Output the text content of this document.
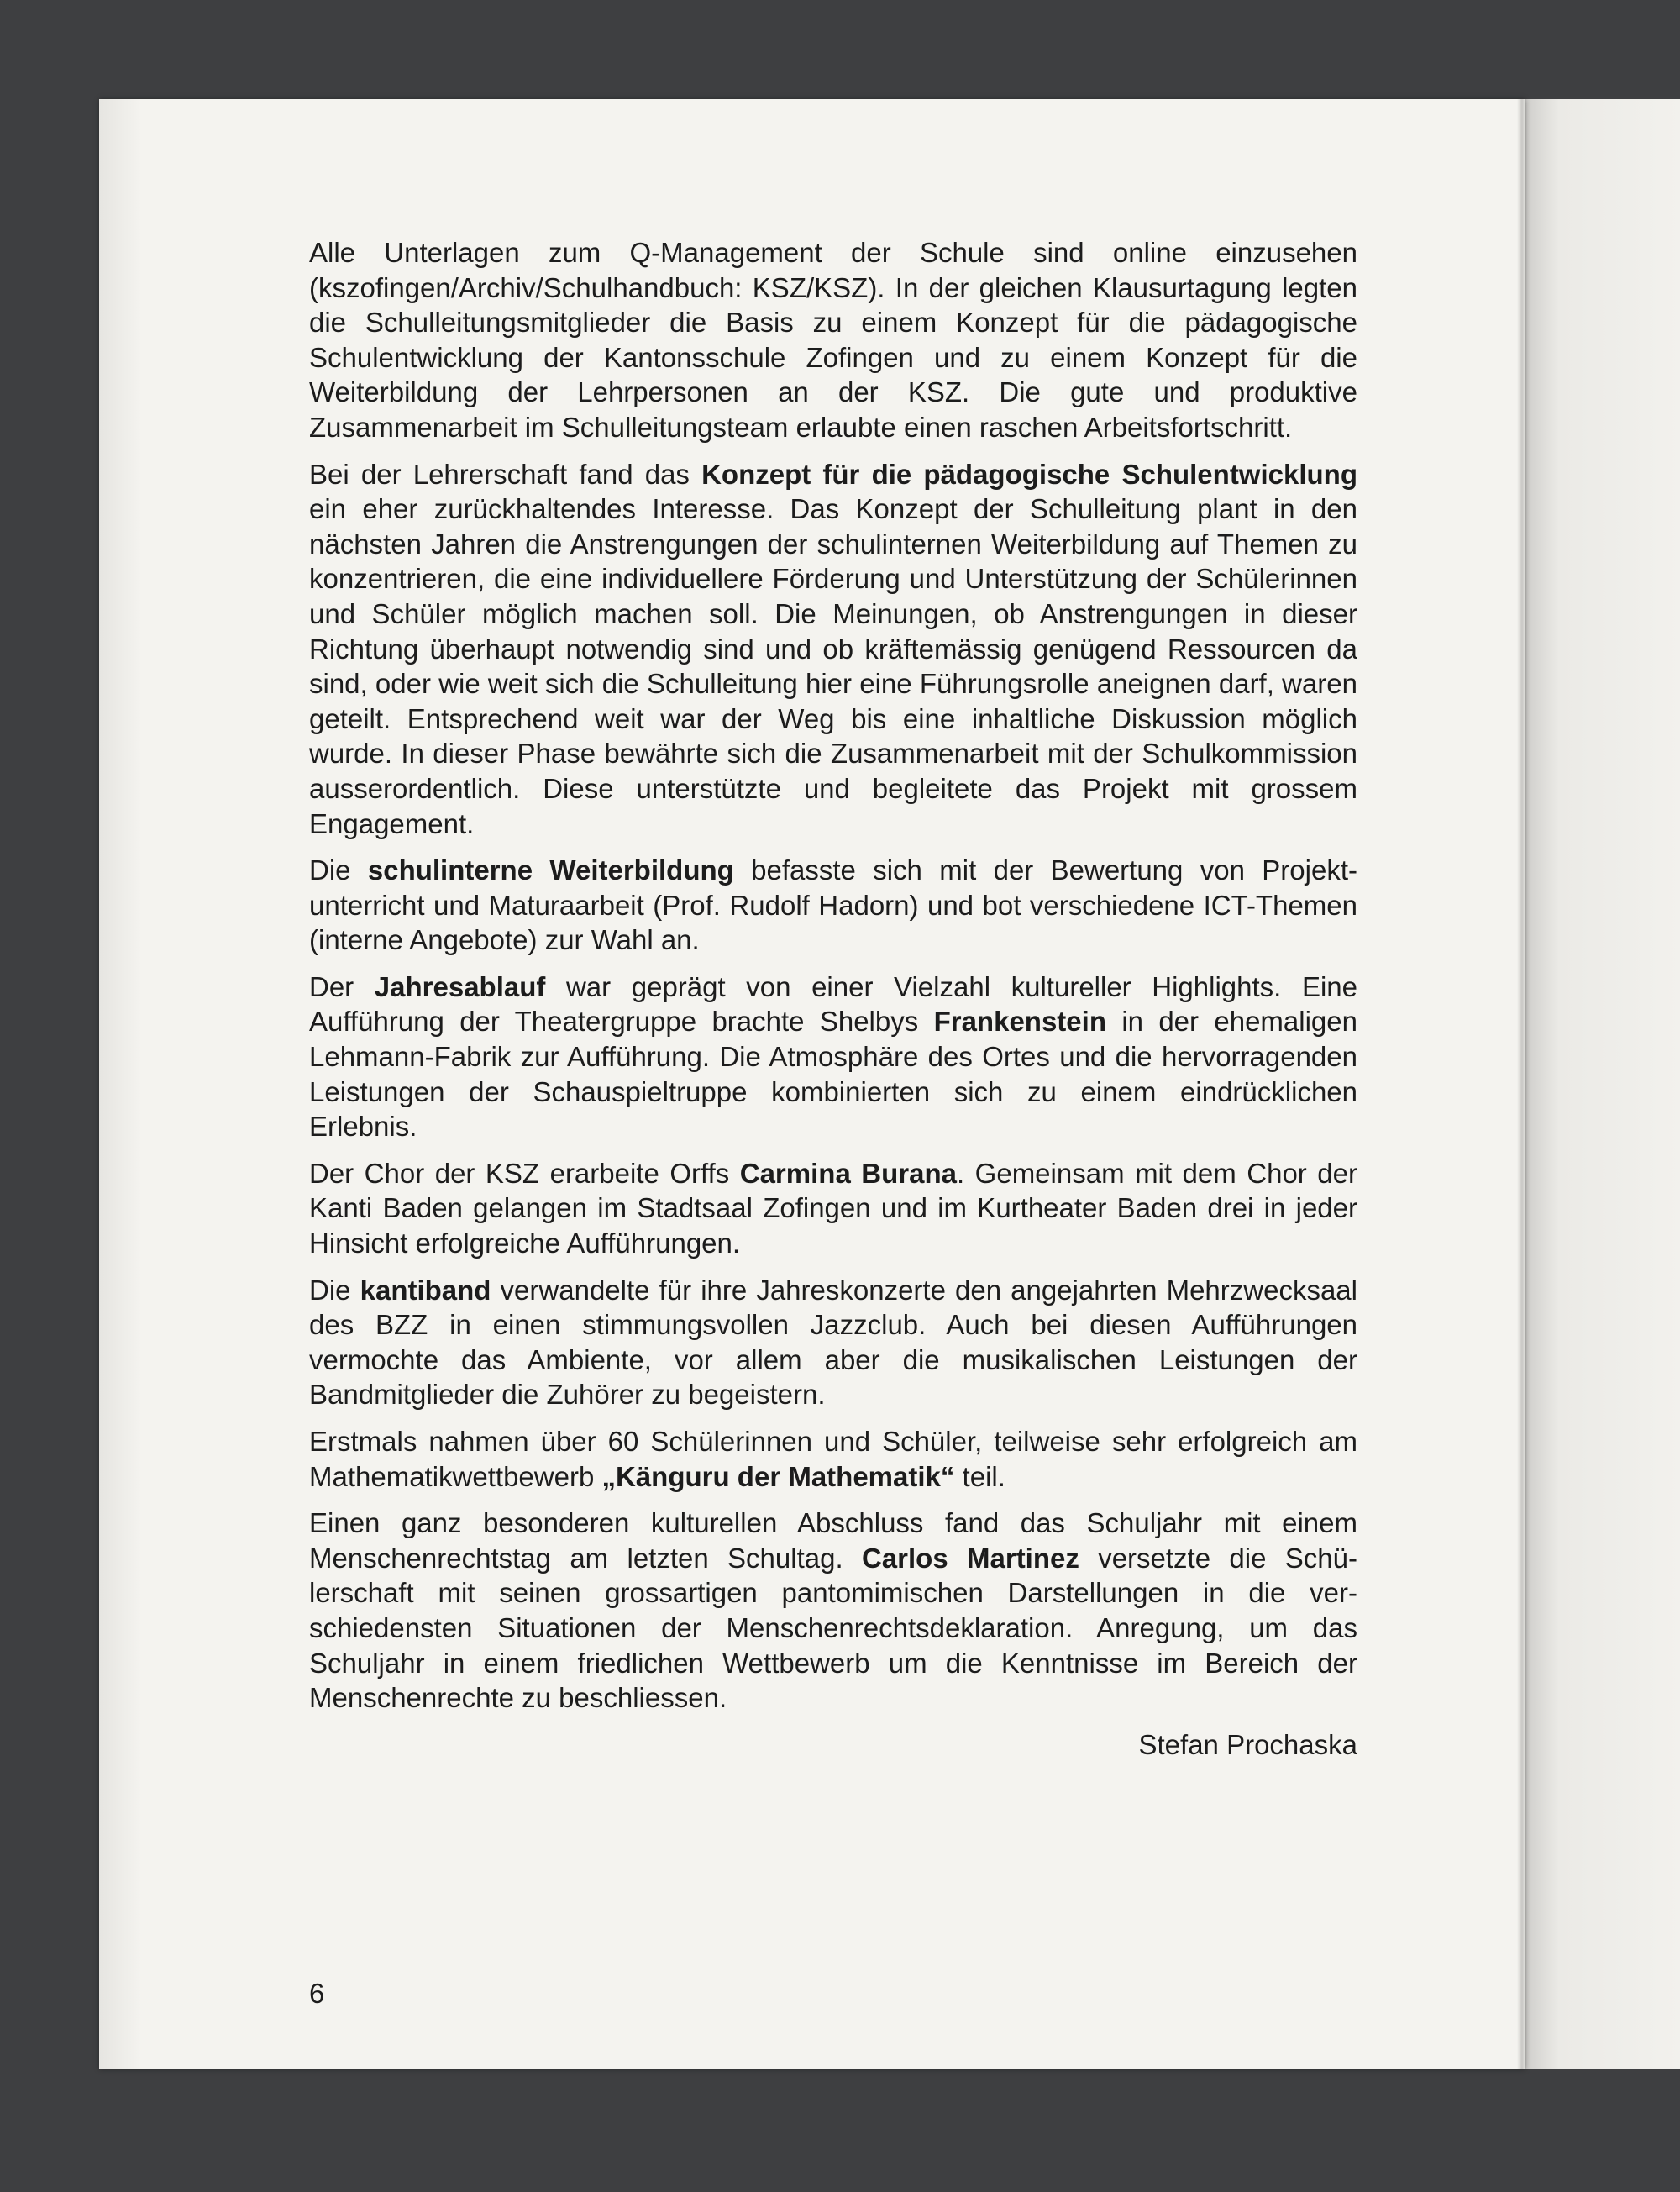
Alle Unterlagen zum Q-Management der Schule sind online einzusehen (kszofingen/Archiv/Schulhandbuch: KSZ/KSZ). In der gleichen Klausurtagung legten die Schulleitungsmitglieder die Basis zu einem Konzept für die pädagogische Schulentwicklung der Kantonsschule Zofingen und zu einem Konzept für die Weiterbildung der Lehrpersonen an der KSZ. Die gute und produktive Zusammenarbeit im Schulleitungsteam erlaubte einen raschen Arbeitsfortschritt.

Bei der Lehrerschaft fand das Konzept für die pädagogische Schulentwicklung ein eher zurückhaltendes Interesse. Das Konzept der Schulleitung plant in den nächsten Jahren die Anstrengungen der schulinternen Weiterbildung auf Themen zu konzentrieren, die eine individuellere Förderung und Unterstützung der Schülerinnen und Schüler möglich machen soll. Die Meinungen, ob Anstrengungen in dieser Richtung überhaupt notwendig sind und ob kräftemässig genügend Ressourcen da sind, oder wie weit sich die Schulleitung hier eine Führungsrolle aneignen darf, waren geteilt. Entsprechend weit war der Weg bis eine inhaltliche Diskussion möglich wurde. In dieser Phase bewährte sich die Zusammenarbeit mit der Schulkommission ausserordentlich. Diese unterstützte und begleitete das Projekt mit grossem Engagement.

Die schulinterne Weiterbildung befasste sich mit der Bewertung von Projektunterricht und Maturaarbeit (Prof. Rudolf Hadorn) und bot verschiedene ICT-Themen (interne Angebote) zur Wahl an.

Der Jahresablauf war geprägt von einer Vielzahl kultureller Highlights. Eine Aufführung der Theatergruppe brachte Shelbys Frankenstein in der ehemaligen Lehmann-Fabrik zur Aufführung. Die Atmosphäre des Ortes und die hervorragenden Leistungen der Schauspieltruppe kombinierten sich zu einem eindrücklichen Erlebnis.

Der Chor der KSZ erarbeite Orffs Carmina Burana. Gemeinsam mit dem Chor der Kanti Baden gelangen im Stadtsaal Zofingen und im Kurtheater Baden drei in jeder Hinsicht erfolgreiche Aufführungen.

Die kantiband verwandelte für ihre Jahreskonzerte den angejahrten Mehrzwecksaal des BZZ in einen stimmungsvollen Jazzclub. Auch bei diesen Aufführungen vermochte das Ambiente, vor allem aber die musikalischen Leistungen der Bandmitglieder die Zuhörer zu begeistern.

Erstmals nahmen über 60 Schülerinnen und Schüler, teilweise sehr erfolgreich am Mathematikwettbewerb „Känguru der Mathematik“ teil.

Einen ganz besonderen kulturellen Abschluss fand das Schuljahr mit einem Menschenrechtstag am letzten Schultag. Carlos Martinez versetzte die Schülerschaft mit seinen grossartigen pantomimischen Darstellungen in die verschiedensten Situationen der Menschenrechtsdeklaration. Anregung, um das Schuljahr in einem friedlichen Wettbewerb um die Kenntnisse im Bereich der Menschenrechte zu beschliessen.

Stefan Prochaska
6
